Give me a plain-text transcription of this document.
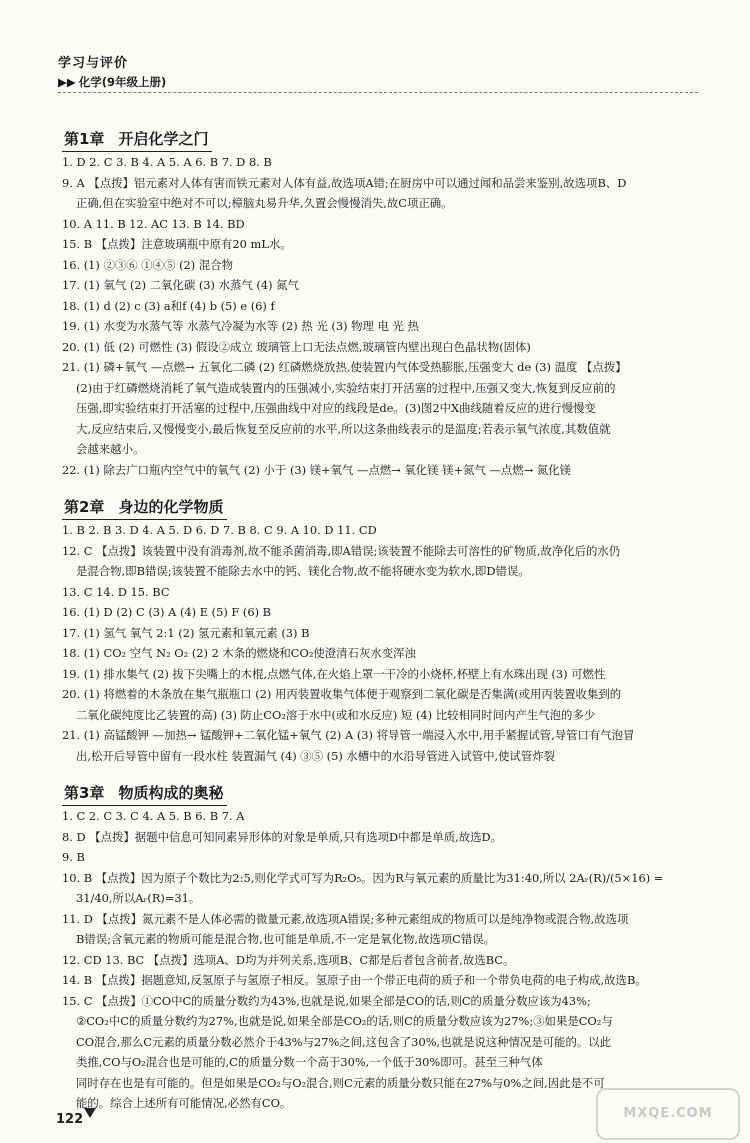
学习与评价
▶▶ 化学(9年级上册)
第1章 开启化学之门

1. D 2. C 3. B 4. A 5. A 6. B 7. D 8. B

9. A 【点拨】铝元素对人体有害而铁元素对人体有益,故选项A错;在厨房中可以通过闻和品尝来鉴别,故选项B、D

正确,但在实验室中绝对不可以;樟脑丸易升华,久置会慢慢消失,故C项正确。

10. A 11. B 12. AC 13. B 14. BD

15. B 【点拨】注意玻璃瓶中原有20 mL水。

16. (1) ②③⑥ ①④⑤ (2) 混合物

17. (1) 氧气 (2) 二氧化碳 (3) 水蒸气 (4) 氮气

18. (1) d (2) c (3) a和f (4) b (5) e (6) f

19. (1) 水变为水蒸气等 水蒸气冷凝为水等 (2) 热 光 (3) 物理 电 光 热

20. (1) 低 (2) 可燃性 (3) 假设②成立 玻璃管上口无法点燃,玻璃管内壁出现白色晶状物(固体)

21. (1) 磷+氧气 —点燃→ 五氧化二磷 (2) 红磷燃烧放热,使装置内气体受热膨胀,压强变大 de (3) 温度 【点拨】

(2)由于红磷燃烧消耗了氧气造成装置内的压强减小,实验结束打开活塞的过程中,压强又变大,恢复到反应前的

压强,即实验结束打开活塞的过程中,压强曲线中对应的线段是de。(3)图2中X曲线随着反应的进行慢慢变

大,反应结束后,又慢慢变小,最后恢复至反应前的水平,所以这条曲线表示的是温度;若表示氧气浓度,其数值就

会越来越小。

22. (1) 除去广口瓶内空气中的氧气 (2) 小于 (3) 镁+氧气 —点燃→ 氧化镁 镁+氮气 —点燃→ 氮化镁

第2章 身边的化学物质

1. B 2. B 3. D 4. A 5. D 6. D 7. B 8. C 9. A 10. D 11. CD

12. C 【点拨】该装置中没有消毒剂,故不能杀菌消毒,即A错误;该装置不能除去可溶性的矿物质,故净化后的水仍

是混合物,即B错误;该装置不能除去水中的钙、镁化合物,故不能将硬水变为软水,即D错误。

13. C 14. D 15. BC

16. (1) D (2) C (3) A (4) E (5) F (6) B

17. (1) 氢气 氧气 2:1 (2) 氢元素和氧元素 (3) B

18. (1) CO₂ 空气 N₂ O₂ (2) 2 木条的燃烧和CO₂使澄清石灰水变浑浊

19. (1) 排水集气 (2) 拔下尖嘴上的木棍,点燃气体,在火焰上罩一干冷的小烧杯,杯壁上有水珠出现 (3) 可燃性

20. (1) 将燃着的木条放在集气瓶瓶口 (2) 用丙装置收集气体便于观察到二氧化碳是否集满(或用丙装置收集到的

二氧化碳纯度比乙装置的高) (3) 防止CO₂溶于水中(或和水反应) 短 (4) 比较相同时间内产生气泡的多少

21. (1) 高锰酸钾 —加热→ 锰酸钾+二氧化锰+氧气 (2) A (3) 将导管一端浸入水中,用手紧握试管,导管口有气泡冒

出,松开后导管中留有一段水柱 装置漏气 (4) ③⑤ (5) 水槽中的水沿导管进入试管中,使试管炸裂

第3章 物质构成的奥秘

1. C 2. C 3. C 4. A 5. B 6. B 7. A

8. D 【点拨】据题中信息可知同素异形体的对象是单质,只有选项D中都是单质,故选D。

9. B

10. B 【点拨】因为原子个数比为2:5,则化学式可写为R₂O₅。因为R与氧元素的质量比为31:40,所以 2Aᵣ(R)/(5×16) =

31/40,所以Aᵣ(R)=31。

11. D 【点拨】氮元素不是人体必需的微量元素,故选项A错误;多种元素组成的物质可以是纯净物或混合物,故选项

B错误;含氧元素的物质可能是混合物,也可能是单质,不一定是氧化物,故选项C错误。

12. CD 13. BC 【点拨】选项A、D均为并列关系,选项B、C都是后者包含前者,故选BC。

14. B 【点拨】据题意知,反氢原子与氢原子相反。氢原子由一个带正电荷的质子和一个带负电荷的电子构成,故选B。

15. C 【点拨】①CO中C的质量分数约为43%,也就是说,如果全部是CO的话,则C的质量分数应该为43%;

②CO₂中C的质量分数约为27%,也就是说,如果全部是CO₂的话,则C的质量分数应该为27%;③如果是CO₂与

CO混合,那么C元素的质量分数必然介于43%与27%之间,这包含了30%,也就是说这种情况是可能的。以此

类推,CO与O₂混合也是可能的,C的质量分数一个高于30%,一个低于30%即可。甚至三种气体

同时存在也是有可能的。但是如果是CO₂与O₂混合,则C元素的质量分数只能在27%与0%之间,因此是不可

能的。综合上述所有可能情况,必然有CO。

122	MXQE.COM
